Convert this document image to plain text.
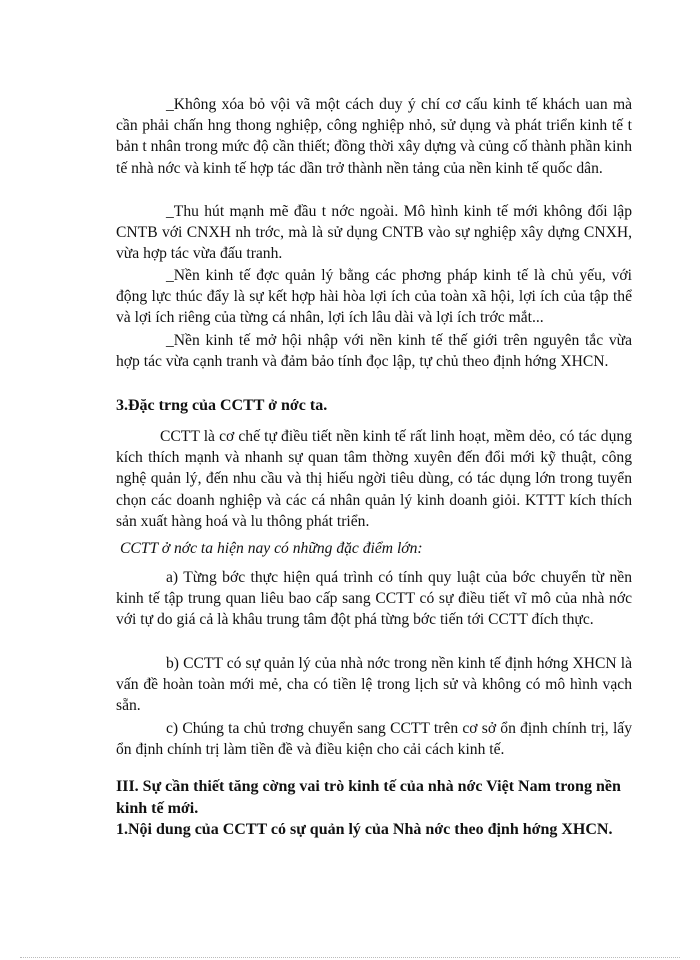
_Không xóa bỏ vội vã một cách duy ý chí cơ cấu kinh tế khách uan mà cần phải chấn hng thong nghiệp, công nghiệp nhỏ, sử dụng và phát triển kinh tế t bản t nhân trong mức độ cần thiết; đồng thời xây dựng và củng cố thành phần kinh tế nhà nớc và kinh tế hợp tác dần trở thành nền tảng của nền kinh tế quốc dân.

_Thu hút mạnh mẽ đầu t nớc ngoài. Mô hình kinh tế mới không đối lập CNTB với CNXH nh trớc, mà là sử dụng CNTB vào sự nghiệp xây dựng CNXH, vừa hợp tác vừa đấu tranh.

_Nền kinh tế đợc quản lý bằng các phơng pháp kinh tế là chủ yếu, với động lực thúc đẩy là sự kết hợp hài hòa lợi ích của toàn xã hội, lợi ích của tập thể và lợi ích riêng của từng cá nhân, lợi ích lâu dài và lợi ích trớc mắt...

_Nền kinh tế mở hội nhập với nền kinh tế thế giới trên nguyên tắc vừa hợp tác vừa cạnh tranh và đảm bảo tính đọc lập, tự chủ theo định hớng XHCN.

3.Đặc trng của CCTT ở nớc ta.

CCTT là cơ chế tự điều tiết nền kinh tế rất linh hoạt, mềm dẻo, có tác dụng kích thích mạnh và nhanh sự quan tâm thờng xuyên đến đổi mới kỹ thuật, công nghệ quản lý, đến nhu cầu và thị hiếu ngời tiêu dùng, có tác dụng lớn trong tuyển chọn các doanh nghiệp và các cá nhân quản lý kinh doanh giỏi. KTTT kích thích sản xuất hàng hoá và lu thông phát triển.

CCTT ở nớc ta hiện nay có những đặc điểm lớn:

a) Từng bớc thực hiện quá trình có tính quy luật của bớc chuyển từ nền kinh tế tập trung quan liêu bao cấp sang CCTT có sự điều tiết vĩ mô của nhà nớc với tự do giá cả là khâu trung tâm đột phá từng bớc tiến tới CCTT đích thực.

b) CCTT có sự quản lý của nhà nớc trong nền kinh tế định hớng XHCN là vấn đề hoàn toàn mới mẻ, cha có tiền lệ trong lịch sử và không có mô hình vạch sẵn.

c) Chúng ta chủ trơng chuyển sang CCTT trên cơ sở ổn định chính trị, lấy ổn định chính trị làm tiền đề và điều kiện cho cải cách kinh tế.

III. Sự cần thiết tăng cờng vai trò kinh tế của nhà nớc Việt Nam trong nền kinh tế mới.
1.Nội dung của CCTT có sự quản lý của Nhà nớc theo định hớng XHCN.
